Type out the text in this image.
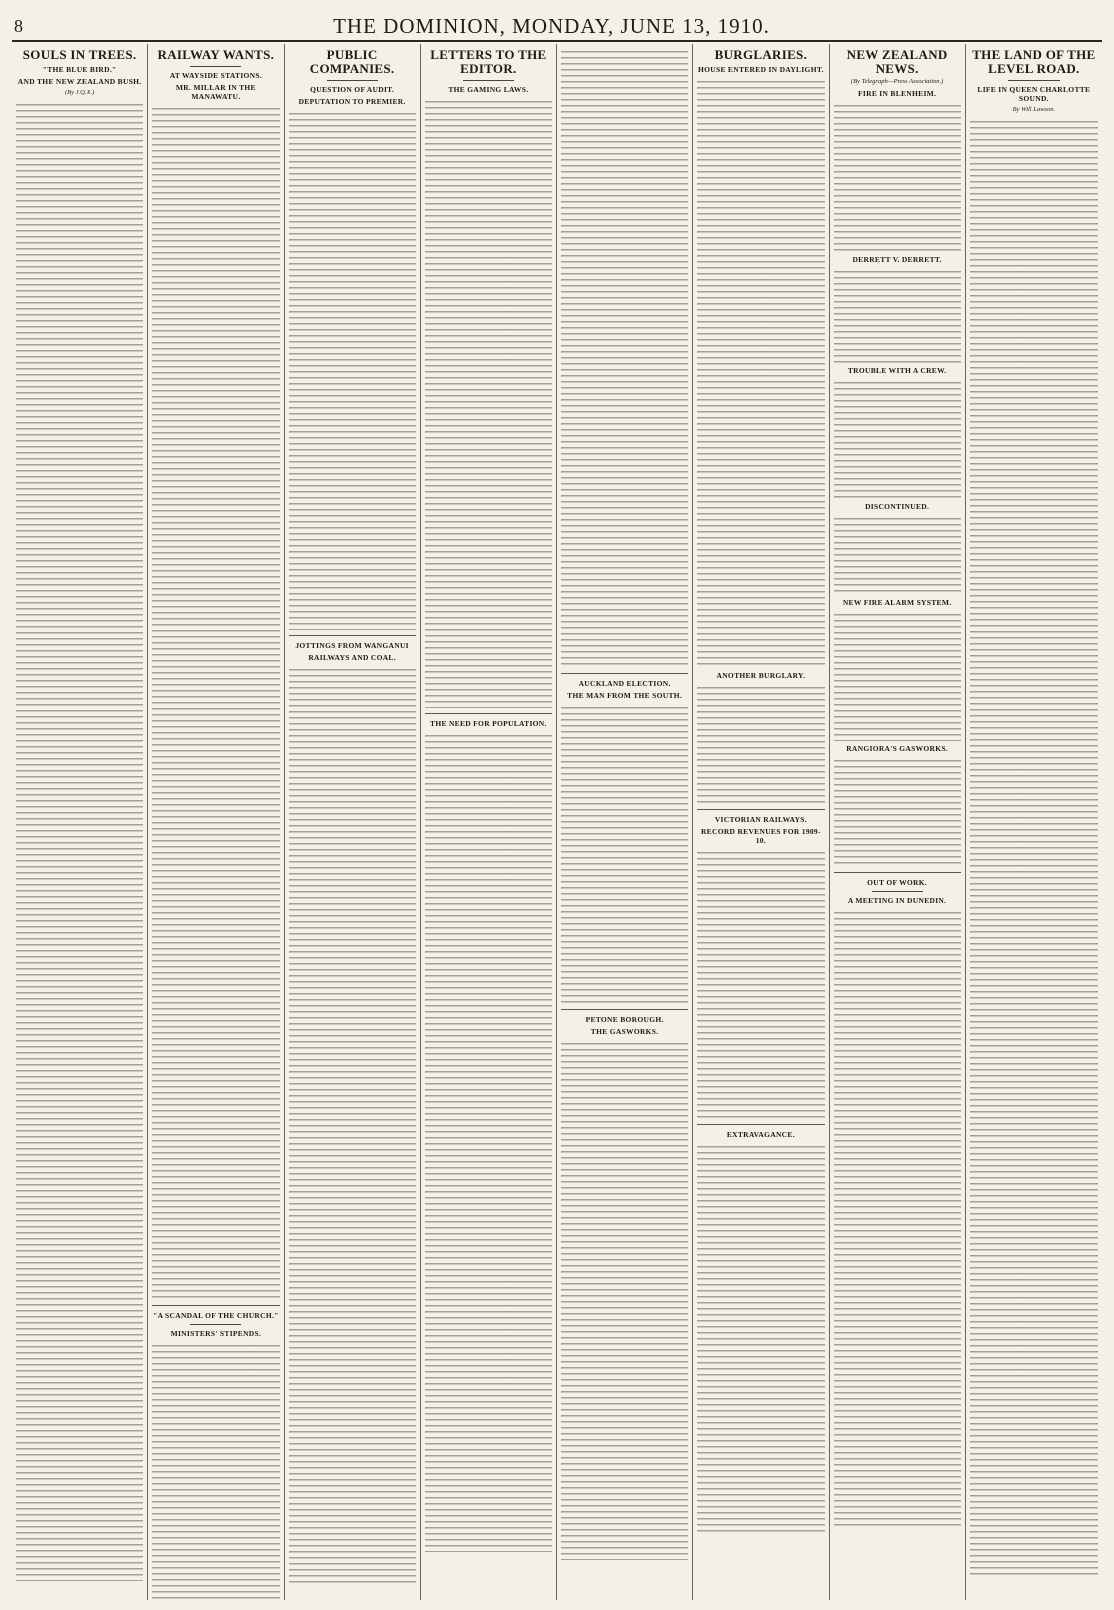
8	THE DOMINION, MONDAY, JUNE 13, 1910.
SOULS IN TREES.
"THE BLUE BIRD."
AND THE NEW ZEALAND BUSH.
(By J.Q.X.)
RAILWAY WANTS.
AT WAYSIDE STATIONS.
MR. MILLAR IN THE MANAWATU.
"A SCANDAL OF THE CHURCH."
MINISTERS' STIPENDS.
PUBLIC COMPANIES.
QUESTION OF AUDIT.
DEPUTATION TO PREMIER.
JOTTINGS FROM WANGANUI
RAILWAYS AND COAL.
LETTERS TO THE EDITOR.
THE GAMING LAWS.
THE NEED FOR POPULATION.
AUCKLAND ELECTION.
THE MAN FROM THE SOUTH.
PETONE BOROUGH.
THE GASWORKS.
BURGLARIES.
HOUSE ENTERED IN DAYLIGHT.
ANOTHER BURGLARY.
VICTORIAN RAILWAYS.
RECORD REVENUES FOR 1909-10.
EXTRAVAGANCE.
NEW ZEALAND NEWS.
(By Telegraph—Press Association.)
FIRE IN BLENHEIM.
DERRETT V. DERRETT.
TROUBLE WITH A CREW.
DISCONTINUED.
NEW FIRE ALARM SYSTEM.
RANGIORA'S GASWORKS.
OUT OF WORK.
A MEETING IN DUNEDIN.
THE LAND OF THE LEVEL ROAD.
LIFE IN QUEEN CHARLOTTE SOUND.
By Will Lawson.
